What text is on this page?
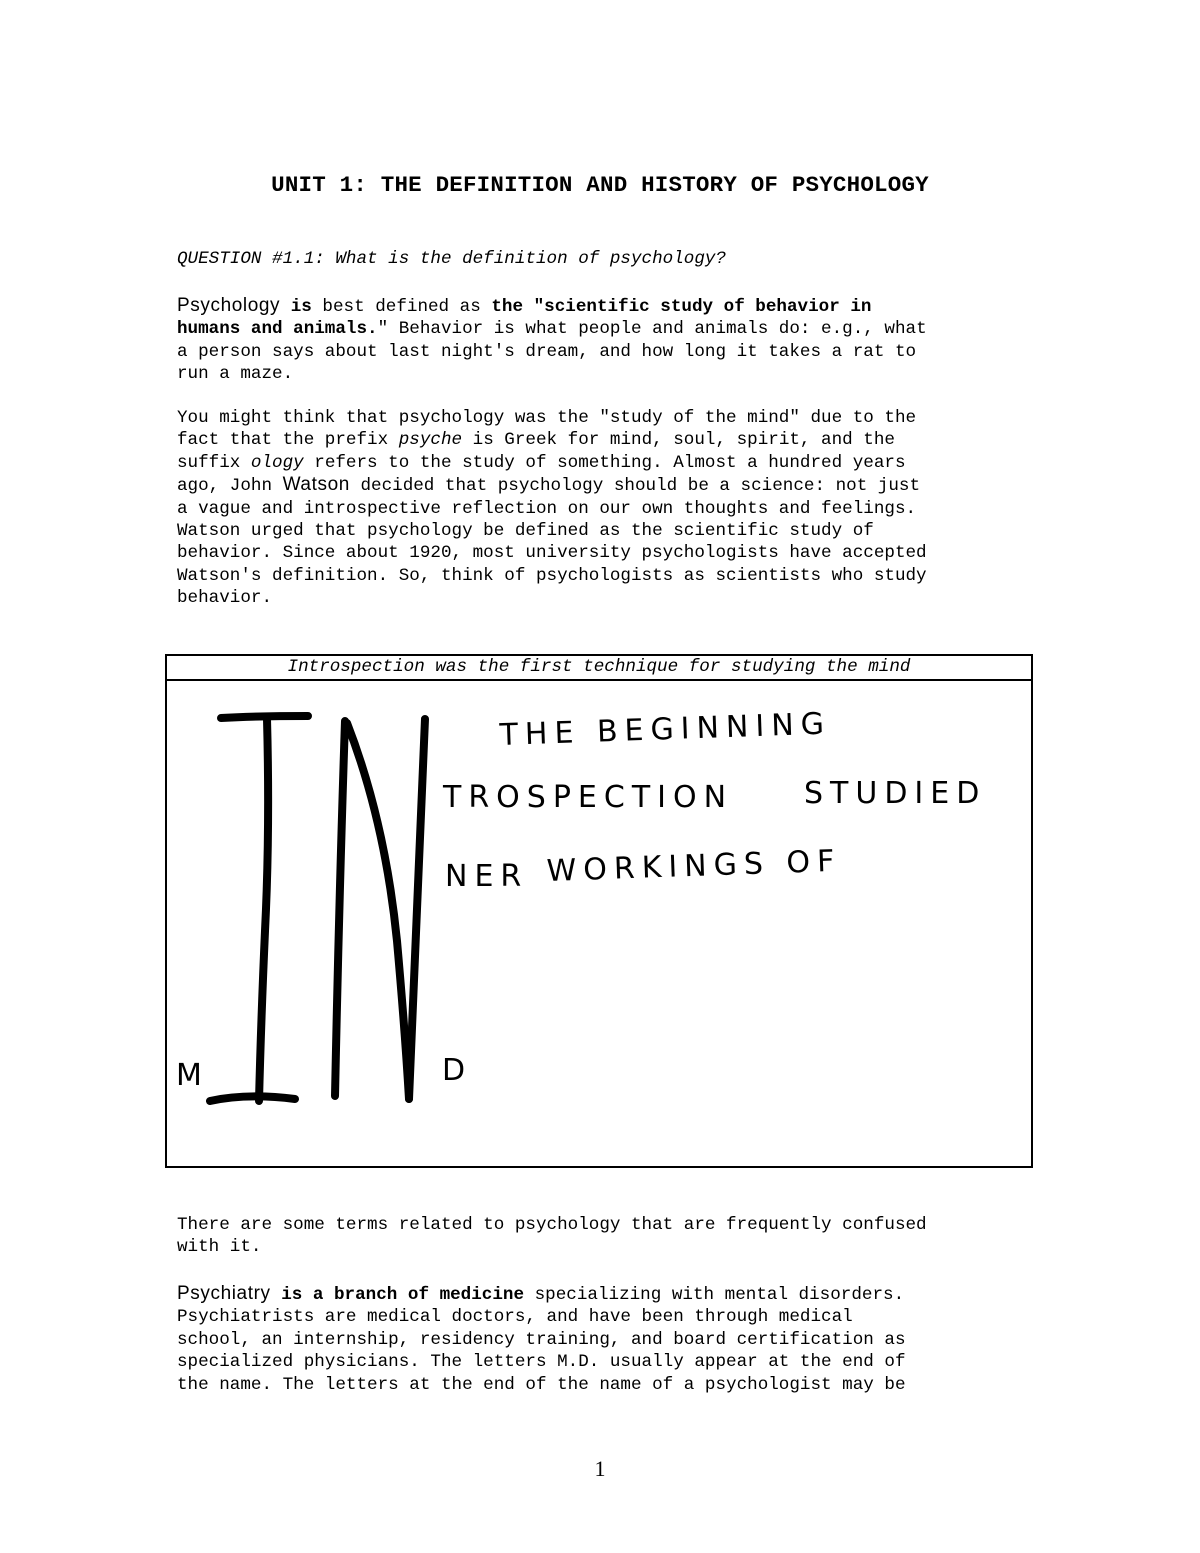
UNIT 1: THE DEFINITION AND HISTORY OF PSYCHOLOGY
QUESTION #1.1: What is the definition of psychology?
Psychology is best defined as the "scientific study of behavior in
humans and animals." Behavior is what people and animals do: e.g., what
a person says about last night's dream, and how long it takes a rat to
run a maze.
You might think that psychology was the "study of the mind" due to the
fact that the prefix psyche is Greek for mind, soul, spirit, and the
suffix ology refers to the study of something. Almost a hundred years
ago, John Watson decided that psychology should be a science: not just
a vague and introspective reflection on our own thoughts and feelings.
Watson urged that psychology be defined as the scientific study of
behavior. Since about 1920, most university psychologists have accepted
Watson's definition. So, think of psychologists as scientists who study
behavior.
Introspection was the first technique for studying the mind
THE BEGINNING
TROSPECTION STUDIED
NER WORKINGS OF
M	D
There are some terms related to psychology that are frequently confused
with it.
Psychiatry is a branch of medicine specializing with mental disorders.
Psychiatrists are medical doctors, and have been through medical
school, an internship, residency training, and board certification as
specialized physicians. The letters M.D. usually appear at the end of
the name. The letters at the end of the name of a psychologist may be
1
